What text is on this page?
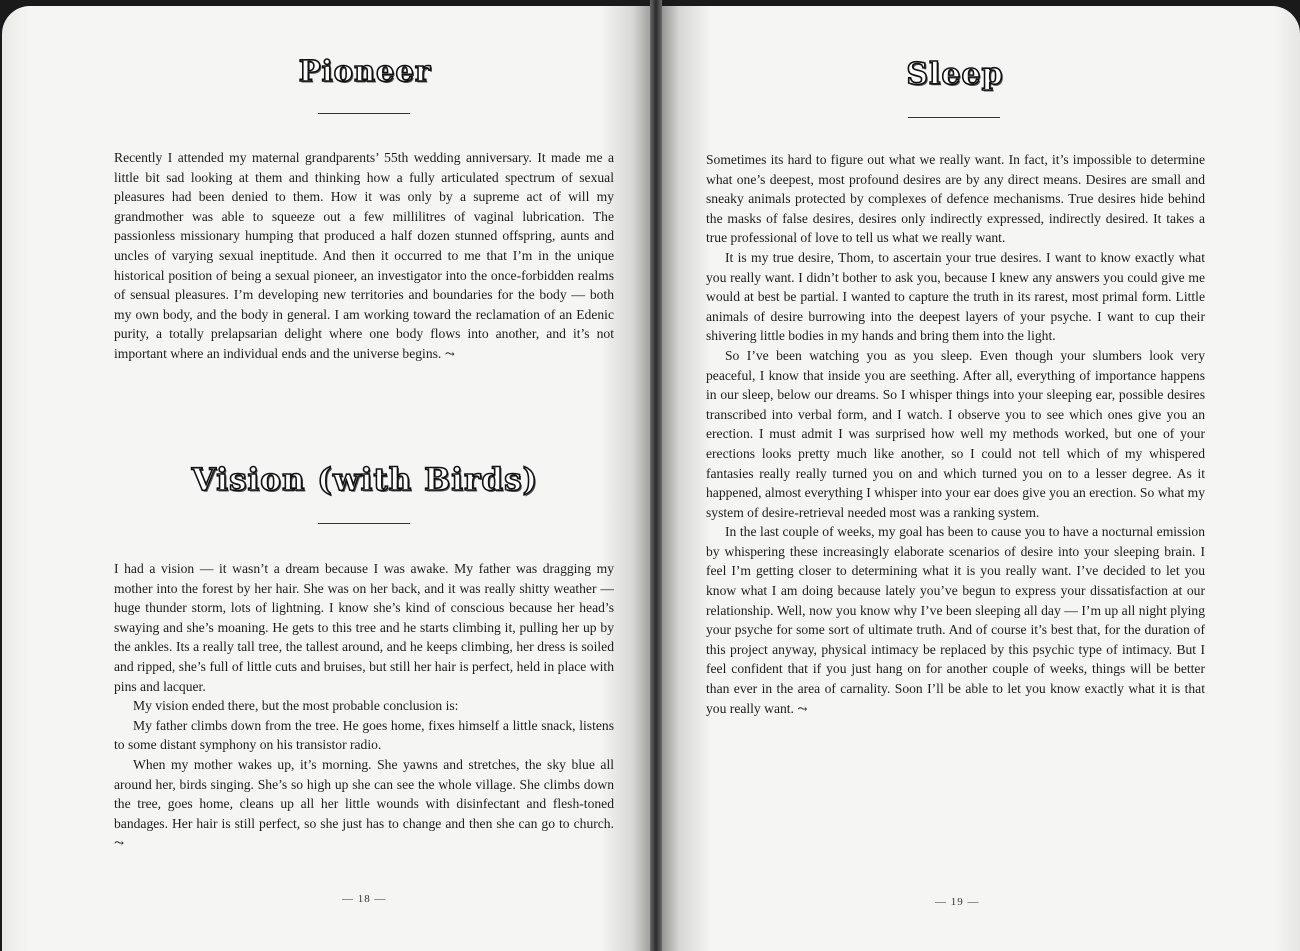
Pioneer

Recently I attended my maternal grandparents’ 55th wedding anniversary. It made me a little bit sad looking at them and thinking how a fully articulated spectrum of sexual pleasures had been denied to them. How it was only by a supreme act of will my grandmother was able to squeeze out a few millilitres of vaginal lubrication. The passionless missionary humping that produced a half dozen stunned offspring, aunts and uncles of varying sexual ineptitude. And then it occurred to me that I’m in the unique historical position of being a sexual pioneer, an investigator into the once-forbidden realms of sensual pleasures. I’m developing new territories and boundaries for the body — both my own body, and the body in general. I am working toward the reclamation of an Edenic purity, a totally prelapsarian delight where one body flows into another, and it’s not important where an individual ends and the universe begins. ⤳

Vision (with Birds)

I had a vision — it wasn’t a dream because I was awake. My father was dragging my mother into the forest by her hair. She was on her back, and it was really shitty weather — huge thunder storm, lots of lightning. I know she’s kind of conscious because her head’s swaying and she’s moaning. He gets to this tree and he starts climbing it, pulling her up by the ankles. Its a really tall tree, the tallest around, and he keeps climbing, her dress is soiled and ripped, she’s full of little cuts and bruises, but still her hair is perfect, held in place with pins and lacquer.

My vision ended there, but the most probable conclusion is:

My father climbs down from the tree. He goes home, fixes himself a little snack, listens to some distant symphony on his transistor radio.

When my mother wakes up, it’s morning. She yawns and stretches, the sky blue all around her, birds singing. She’s so high up she can see the whole village. She climbs down the tree, goes home, cleans up all her little wounds with disinfectant and flesh-toned bandages. Her hair is still perfect, so she just has to change and then she can go to church. ⤳

— 18 —
Sleep

Sometimes its hard to figure out what we really want. In fact, it’s impossible to determine what one’s deepest, most profound desires are by any direct means. Desires are small and sneaky animals protected by complexes of defence mechanisms. True desires hide behind the masks of false desires, desires only indirectly expressed, indirectly desired. It takes a true professional of love to tell us what we really want.

It is my true desire, Thom, to ascertain your true desires. I want to know exactly what you really want. I didn’t bother to ask you, because I knew any answers you could give me would at best be partial. I wanted to capture the truth in its rarest, most primal form. Little animals of desire burrowing into the deepest layers of your psyche. I want to cup their shivering little bodies in my hands and bring them into the light.

So I’ve been watching you as you sleep. Even though your slumbers look very peaceful, I know that inside you are seething. After all, everything of importance happens in our sleep, below our dreams. So I whisper things into your sleeping ear, possible desires transcribed into verbal form, and I watch. I observe you to see which ones give you an erection. I must admit I was surprised how well my methods worked, but one of your erections looks pretty much like another, so I could not tell which of my whispered fantasies really really turned you on and which turned you on to a lesser degree. As it happened, almost everything I whisper into your ear does give you an erection. So what my system of desire-retrieval needed most was a ranking system.

In the last couple of weeks, my goal has been to cause you to have a nocturnal emission by whispering these increasingly elaborate scenarios of desire into your sleeping brain. I feel I’m getting closer to determining what it is you really want. I’ve decided to let you know what I am doing because lately you’ve begun to express your dissatisfaction at our relationship. Well, now you know why I’ve been sleeping all day — I’m up all night plying your psyche for some sort of ultimate truth. And of course it’s best that, for the duration of this project anyway, physical intimacy be replaced by this psychic type of intimacy. But I feel confident that if you just hang on for another couple of weeks, things will be better than ever in the area of carnality. Soon I’ll be able to let you know exactly what it is that you really want. ⤳

— 19 —
